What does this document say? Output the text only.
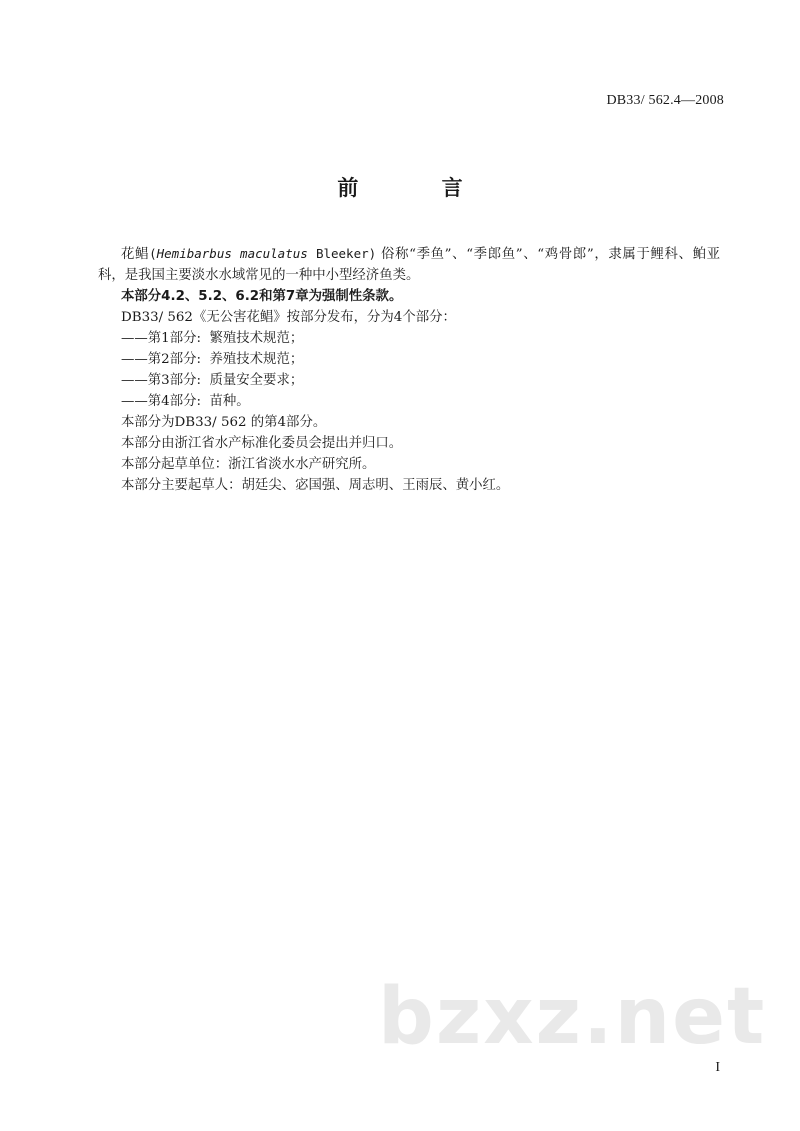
DB33/ 562.4—2008
前 言

花鲳(Hemibarbus maculatus Bleeker) 俗称“季鱼”、“季郎鱼”、“鸡骨郎”，隶属于鲤科、鲌亚科，是我国主要淡水水域常见的一种中小型经济鱼类。

本部分4.2、5.2、6.2和第7章为强制性条款。

DB33/ 562《无公害花鲳》按部分发布，分为4个部分：

——第1部分:  繁殖技术规范；

——第2部分:  养殖技术规范；

——第3部分:  质量安全要求；

——第4部分:  苗种。

本部分为DB33/ 562 的第4部分。

本部分由浙江省水产标准化委员会提出并归口。

本部分起草单位：浙江省淡水水产研究所。

本部分主要起草人：胡廷尖、宓国强、周志明、王雨辰、黄小红。

bzxz.net
I
